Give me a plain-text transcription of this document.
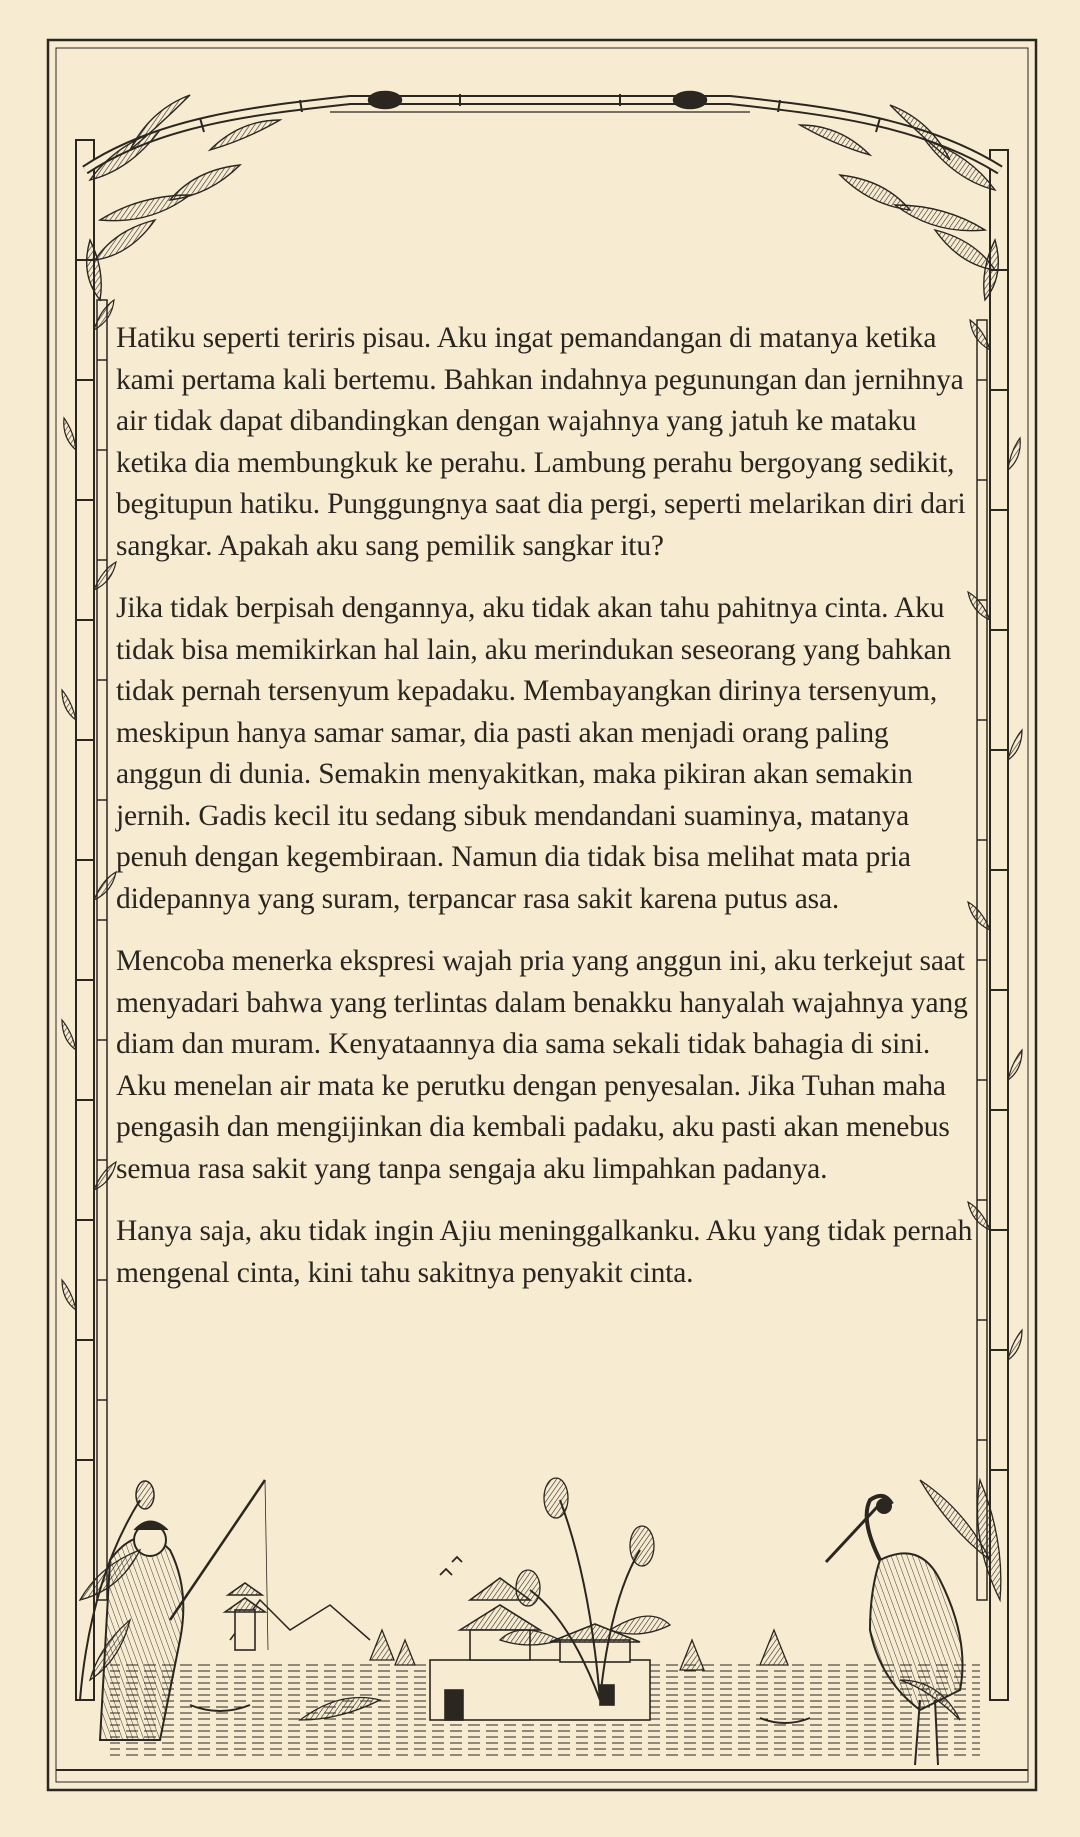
Hatiku seperti teriris pisau. Aku ingat pemandangan di matanya ketika kami pertama kali bertemu. Bahkan indahnya pegunungan dan jernihnya air tidak dapat dibandingkan dengan wajahnya yang jatuh ke mataku ketika dia membungkuk ke perahu. Lambung perahu bergoyang sedikit, begitupun hatiku. Punggungnya saat dia pergi, seperti melarikan diri dari sangkar. Apakah aku sang pemilik sangkar itu?

Jika tidak berpisah dengannya, aku tidak akan tahu pahitnya cinta. Aku tidak bisa memikirkan hal lain, aku merindukan seseorang yang bahkan tidak pernah tersenyum kepadaku. Membayangkan dirinya tersenyum, meskipun hanya samar samar, dia pasti akan menjadi orang paling anggun di dunia. Semakin menyakitkan, maka pikiran akan semakin jernih. Gadis kecil itu sedang sibuk mendandani suaminya, matanya penuh dengan kegembiraan. Namun dia tidak bisa melihat mata pria didepannya yang suram, terpancar rasa sakit karena putus asa.

Mencoba menerka ekspresi wajah pria yang anggun ini, aku terkejut saat menyadari bahwa yang terlintas dalam benakku hanyalah wajahnya yang diam dan muram. Kenyataannya dia sama sekali tidak bahagia di sini. Aku menelan air mata ke perutku dengan penyesalan. Jika Tuhan maha pengasih dan mengijinkan dia kembali padaku, aku pasti akan menebus semua rasa sakit yang tanpa sengaja aku limpahkan padanya.

Hanya saja, aku tidak ingin Ajiu meninggalkanku. Aku yang tidak pernah mengenal cinta, kini tahu sakitnya penyakit cinta.
